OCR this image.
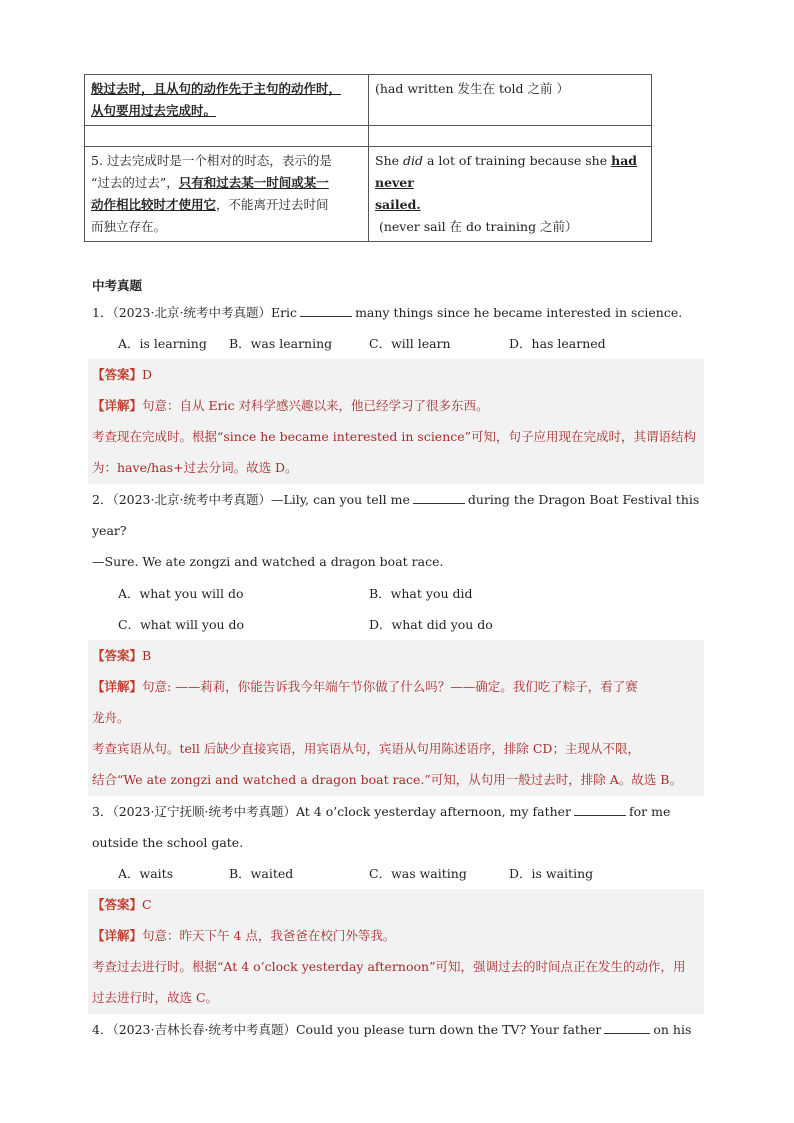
般过去时，且从句的动作先于主句的动作时，
从句要用过去完成时。	(had written 发生在 told 之前 ）

5. 过去完成时是一个相对的时态，表示的是
“过去的过去”，只有和过去某一时间或某一
动作相比较时才使用它，不能离开过去时间
而独立存在。	She did a lot of training because she had never
sailed.
(never sail 在 do training 之前）
中考真题
1．（2023·北京·统考中考真题）Eric	many things since he became interested in science.
A．is learning B．was learning	C．will learn	D．has learned
【答案】D
【详解】句意：自从 Eric 对科学感兴趣以来，他已经学习了很多东西。
考查现在完成时。根据“since he became interested in science”可知，句子应用现在完成时，其谓语结构
为：have/has+过去分词。故选 D。
2．（2023·北京·统考中考真题）—Lily, can you tell me	during the Dragon Boat Festival this
year?
—Sure. We ate zongzi and watched a dragon boat race.
A．what you will do	B．what you did
C．what will you do	D．what did you do
【答案】B
【详解】句意: ——莉莉，你能告诉我今年端午节你做了什么吗？——确定。我们吃了粽子，看了赛
龙舟。
考查宾语从句。tell 后缺少直接宾语，用宾语从句，宾语从句用陈述语序，排除 CD；主现从不限，
结合“We ate zongzi and watched a dragon boat race.”可知，从句用一般过去时，排除 A。故选 B。
3．（2023·辽宁抚顺·统考中考真题）At 4 o’clock yesterday afternoon, my father	for me
outside the school gate.
A．waits	B．waited	C．was waiting	D．is waiting
【答案】C
【详解】句意：昨天下午 4 点，我爸爸在校门外等我。
考查过去进行时。根据“At 4 o’clock yesterday afternoon”可知，强调过去的时间点正在发生的动作，用
过去进行时，故选 C。
4．（2023·吉林长春·统考中考真题）Could you please turn down the TV? Your father	on his
